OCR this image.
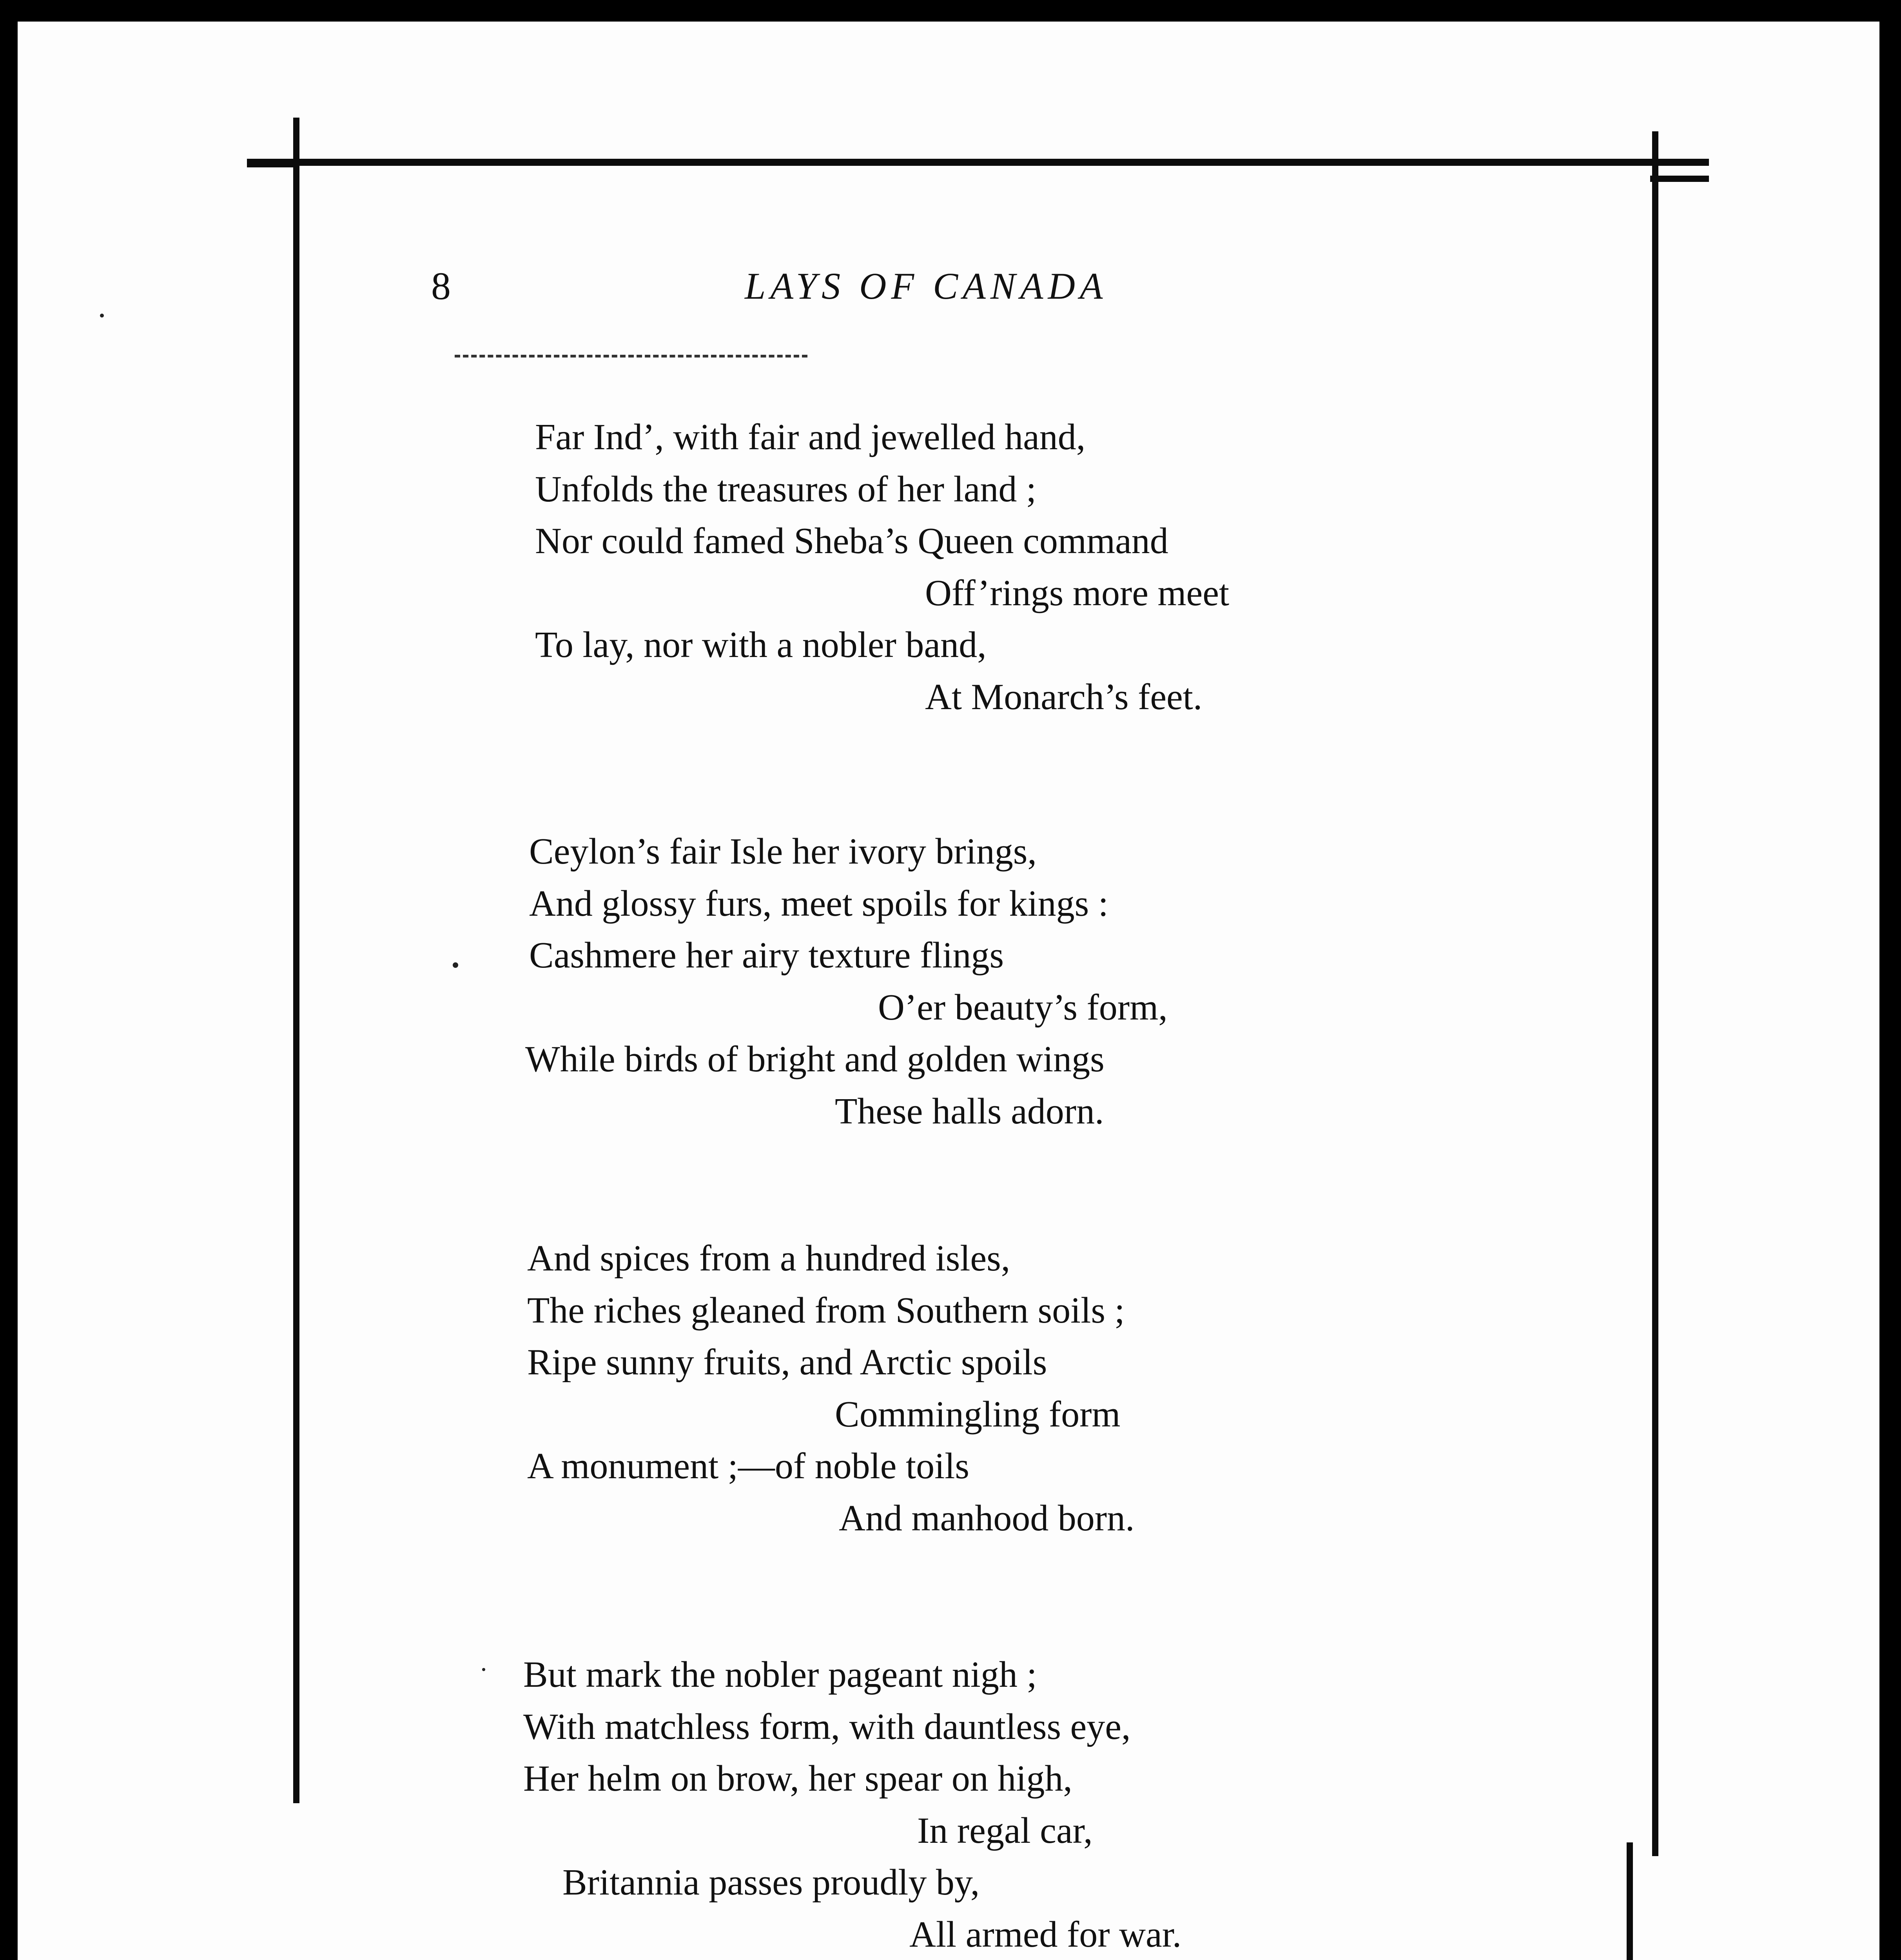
8	LAYS OF CANADA
Far Ind’, with fair and jewelled hand,
Unfolds the treasures of her land ;
Nor could famed Sheba’s Queen command
Off’rings more meet
To lay, nor with a nobler band,
At Monarch’s feet.
Ceylon’s fair Isle her ivory brings,
And glossy furs, meet spoils for kings :
Cashmere her airy texture flings
O’er beauty’s form,
While birds of bright and golden wings
These halls adorn.
And spices from a hundred isles,
The riches gleaned from Southern soils ;
Ripe sunny fruits, and Arctic spoils
Commingling form
A monument ;—of noble toils
And manhood born.
But mark the nobler pageant nigh ;
With matchless form, with dauntless eye,
Her helm on brow, her spear on high,
In regal car,
Britannia passes proudly by,
All armed for war.
